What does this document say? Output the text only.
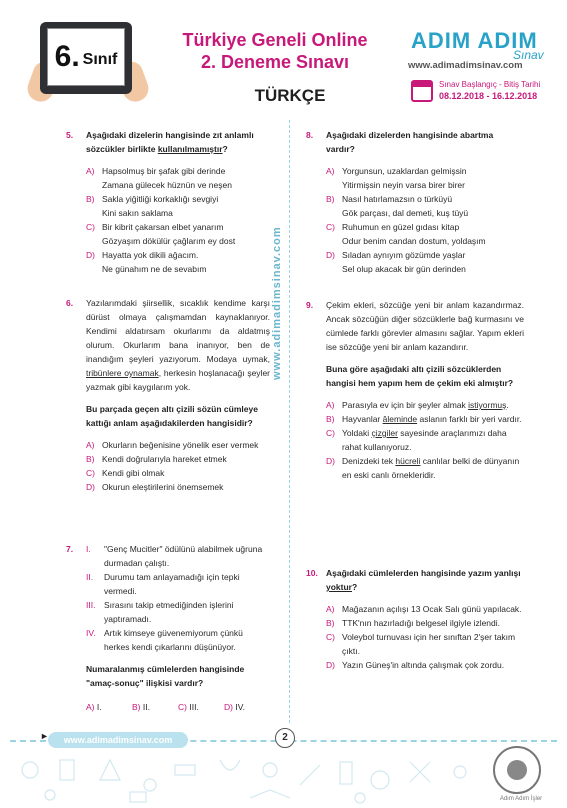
6. Sınıf
Türkiye Geneli Online
2. Deneme Sınavı
TÜRKÇE
ADIM ADIM
Sınav
www.adimadimsinav.com
Sınav Başlangıç - Bitiş Tarihi
08.12.2018 - 16.12.2018
www.adimadimsinav.com
5. Aşağıdaki dizelerin hangisinde zıt anlamlı sözcükler birlikte kullanılmamıştır?
A) Hapsolmuş bir şafak gibi derinde
Zamana gülecek hüznün ve neşen
B) Sakla yiğitliği korkaklığı sevgiyi
Kini sakın saklama
C) Bir kibrit çakarsan elbet yanarım
Gözyaşım dökülür çağlarım ey dost
D) Hayatta yok dikili ağacım.
Ne günahım ne de sevabım
6. Yazılarımdaki şiirsellik, sıcaklık kendime karşı dürüst olmaya çalışmamdan kaynaklanıyor. Kendimi aldatırsam okurlarımı da aldatmış olurum. Okurlarım bana inanıyor, ben de inandığım şeyleri yazıyorum. Modaya uymak, tribünlere oynamak, herkesin hoşlanacağı şeyler yazmak gibi kaygılarım yok.
Bu parçada geçen altı çizili sözün cümleye kattığı anlam aşağıdakilerden hangisidir?
A) Okurların beğenisine yönelik eser vermek
B) Kendi doğrularıyla hareket etmek
C) Kendi gibi olmak
D) Okurun eleştirilerini önemsemek
7. I. "Genç Mucitler" ödülünü alabilmek uğruna durmadan çalıştı.
II. Durumu tam anlayamadığı için tepki vermedi.
III. Sırasını takip etmediğinden işlerini yaptıramadı.
IV. Artık kimseye güvenemiyorum çünkü herkes kendi çıkarlarını düşünüyor.
Numaralanmış cümlelerden hangisinde "amaç-sonuç" ilişkisi vardır?
A) I.	B) II.	C) III.	D) IV.
8. Aşağıdaki dizelerden hangisinde abartma vardır?
A) Yorgunsun, uzaklardan gelmişsin
Yitirmişsin neyin varsa birer birer
B) Nasıl hatırlamazsın o türküyü
Gök parçası, dal demeti, kuş tüyü
C) Ruhumun en güzel gıdası kitap
Odur benim candan dostum, yoldaşım
D) Sıladan aynıyım gözümde yaşlar
Sel olup akacak bir gün derinden
9. Çekim ekleri, sözcüğe yeni bir anlam kazandırmaz. Ancak sözcüğün diğer sözcüklerle bağ kurmasını ve cümlede farklı görevler almasını sağlar. Yapım ekleri ise sözcüğe yeni bir anlam kazandırır.
Buna göre aşağıdaki altı çizili sözcüklerden hangisi hem yapım hem de çekim eki almıştır?
A) Parasıyla ev için bir şeyler almak istiyormuş.
B) Hayvanlar âleminde aslanın farklı bir yeri vardır.
C) Yoldaki çizgiler sayesinde araçlarımızı daha rahat kullanıyoruz.
D) Denizdeki tek hücreli canlılar belki de dünyanın en eski canlı örnekleridir.
10. Aşağıdaki cümlelerden hangisinde yazım yanlışı yoktur?
A) Mağazanın açılışı 13 Ocak Salı günü yapılacak.
B) TTK'nın hazırladığı belgesel ilgiyle izlendi.
C) Voleybol turnuvası için her sınıftan 2'şer takım çıktı.
D) Yazın Güneş'in altında çalışmak çok zordu.
www.adimadimsinav.com
►	2
Adım Adım İşler
